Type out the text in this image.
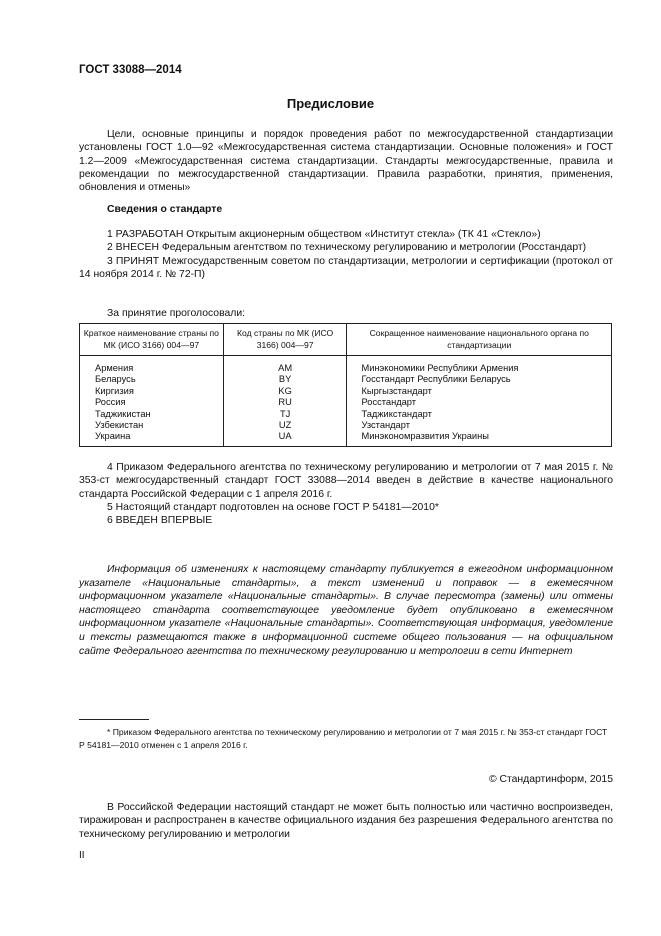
ГОСТ 33088—2014
Предисловие
Цели, основные принципы и порядок проведения работ по межгосударственной стандартизации установлены ГОСТ 1.0—92 «Межгосударственная система стандартизации. Основные положения» и ГОСТ 1.2—2009 «Межгосударственная система стандартизации. Стандарты межгосударственные, правила и рекомендации по межгосударственной стандартизации. Правила разработки, принятия, применения, обновления и отмены»
Сведения о стандарте

1 РАЗРАБОТАН Открытым акционерным обществом «Институт стекла» (ТК 41 «Стекло»)

2 ВНЕСЕН Федеральным агентством по техническому регулированию и метрологии (Росстандарт)

3 ПРИНЯТ Межгосударственным советом по стандартизации, метрологии и сертификации (протокол от 14 ноября 2014 г. № 72-П)

За принятие проголосовали:
Краткое наименование страны по МК (ИСО 3166) 004—97	Код страны по МК (ИСО 3166) 004—97	Сокращенное наименование национального органа по стандартизации
Армения	AM	Минэкономики Республики Армения
Беларусь	BY	Госстандарт Республики Беларусь
Киргизия	KG	Кыргызстандарт
Россия	RU	Росстандарт
Таджикистан	TJ	Таджикстандарт
Узбекистан	UZ	Узстандарт
Украина	UA	Минэкономразвития Украины

4 Приказом Федерального агентства по техническому регулированию и метрологии от 7 мая 2015 г. № 353-ст межгосударственный стандарт ГОСТ 33088—2014 введен в действие в качестве национального стандарта Российской Федерации с 1 апреля 2016 г.

5 Настоящий стандарт подготовлен на основе ГОСТ Р 54181—2010*

6 ВВЕДЕН ВПЕРВЫЕ

Информация об изменениях к настоящему стандарту публикуется в ежегодном информационном указателе «Национальные стандарты», а текст изменений и поправок — в ежемесячном информационном указателе «Национальные стандарты». В случае пересмотра (замены) или отмены настоящего стандарта соответствующее уведомление будет опубликовано в ежемесячном информационном указателе «Национальные стандарты». Соответствующая информация, уведомление и тексты размещаются также в информационной системе общего пользования — на официальном сайте Федерального агентства по техническому регулированию и метрологии в сети Интернет
* Приказом Федерального агентства по техническому регулированию и метрологии от 7 мая 2015 г. № 353-ст стандарт ГОСТ Р 54181—2010 отменен с 1 апреля 2016 г.
© Стандартинформ, 2015
В Российской Федерации настоящий стандарт не может быть полностью или частично воспроизведен, тиражирован и распространен в качестве официального издания без разрешения Федерального агентства по техническому регулированию и метрологии
II
